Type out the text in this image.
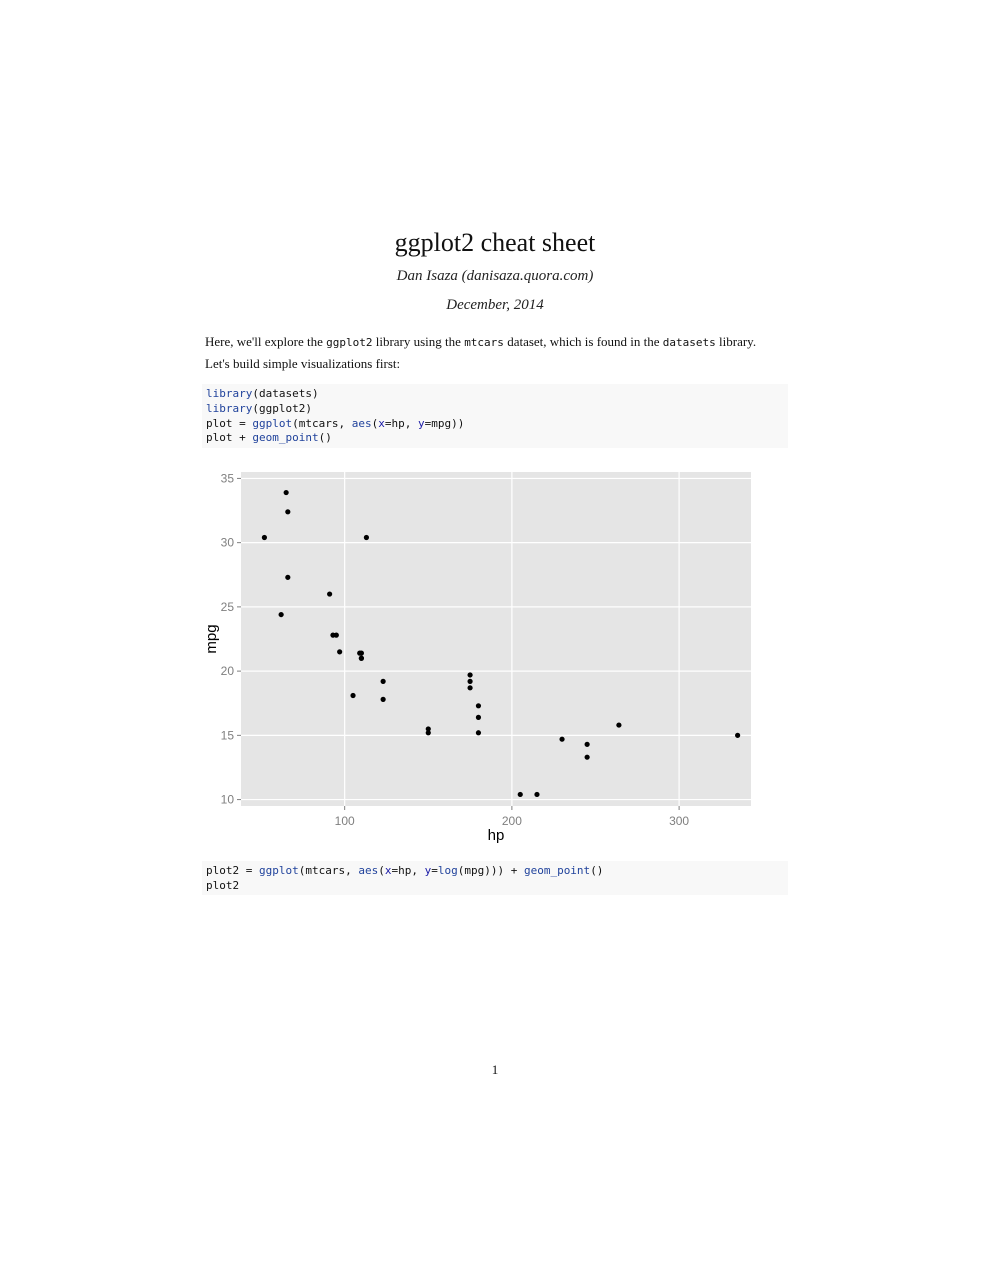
ggplot2 cheat sheet
Dan Isaza (danisaza.quora.com)
December, 2014
Here, we'll explore the ggplot2 library using the mtcars dataset, which is found in the datasets library.
Let's build simple visualizations first:
library(datasets)
library(ggplot2)
plot = ggplot(mtcars, aes(x=hp, y=mpg))
plot + geom_point()
10
15
20
25
30
35
100	200	300
hp
mpg
plot2 = ggplot(mtcars, aes(x=hp, y=log(mpg))) + geom_point()
plot2
1
